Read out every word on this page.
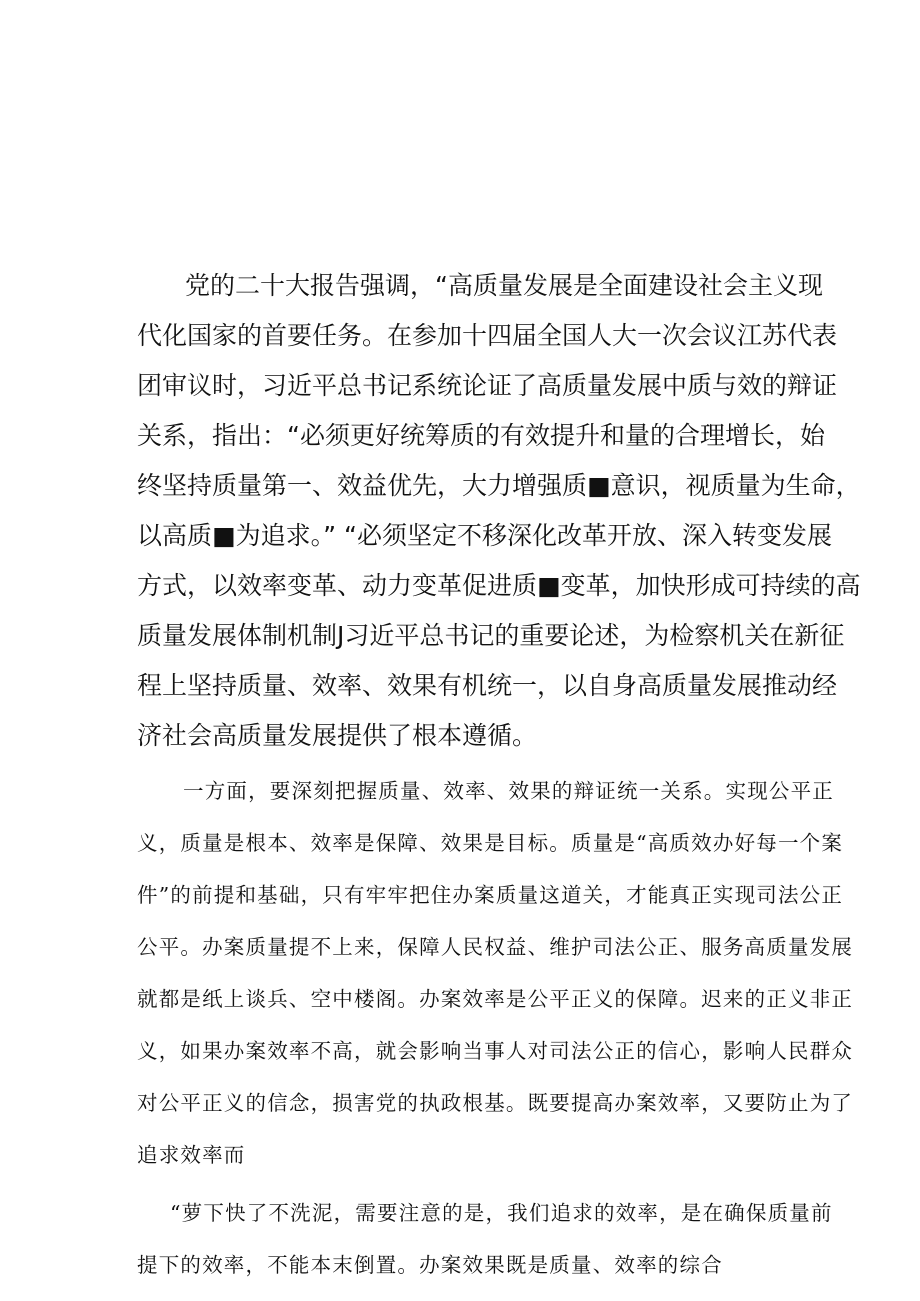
党的二十大报告强调，“高质量发展是全面建设社会主义现
代化国家的首要任务。在参加十四届全国人大一次会议江苏代表
团审议时，习近平总书记系统论证了高质量发展中质与效的辩证
关系，指出：“必须更好统筹质的有效提升和量的合理增长，始
终坚持质量第一、效益优先，大力增强质■意识，视质量为生命，
以高质■为追求。” “必须坚定不移深化改革开放、深入转变发展
方式，以效率变革、动力变革促进质■变革，加快形成可持续的高
质量发展体制机制J习近平总书记的重要论述，为检察机关在新征
程上坚持质量、效率、效果有机统一，以自身高质量发展推动经
济社会高质量发展提供了根本遵循。
一方面，要深刻把握质量、效率、效果的辩证统一关系。实现公平正
义，质量是根本、效率是保障、效果是目标。质量是“高质效办好每一个案
件”的前提和基础，只有牢牢把住办案质量这道关，才能真正实现司法公正
公平。办案质量提不上来，保障人民权益、维护司法公正、服务高质量发展
就都是纸上谈兵、空中楼阁。办案效率是公平正义的保障。迟来的正义非正
义，如果办案效率不高，就会影响当事人对司法公正的信心，影响人民群众
对公平正义的信念，损害党的执政根基。既要提高办案效率，又要防止为了
追求效率而
“萝下快了不洗泥，需要注意的是，我们追求的效率，是在确保质量前
提下的效率，不能本末倒置。办案效果既是质量、效率的综合
